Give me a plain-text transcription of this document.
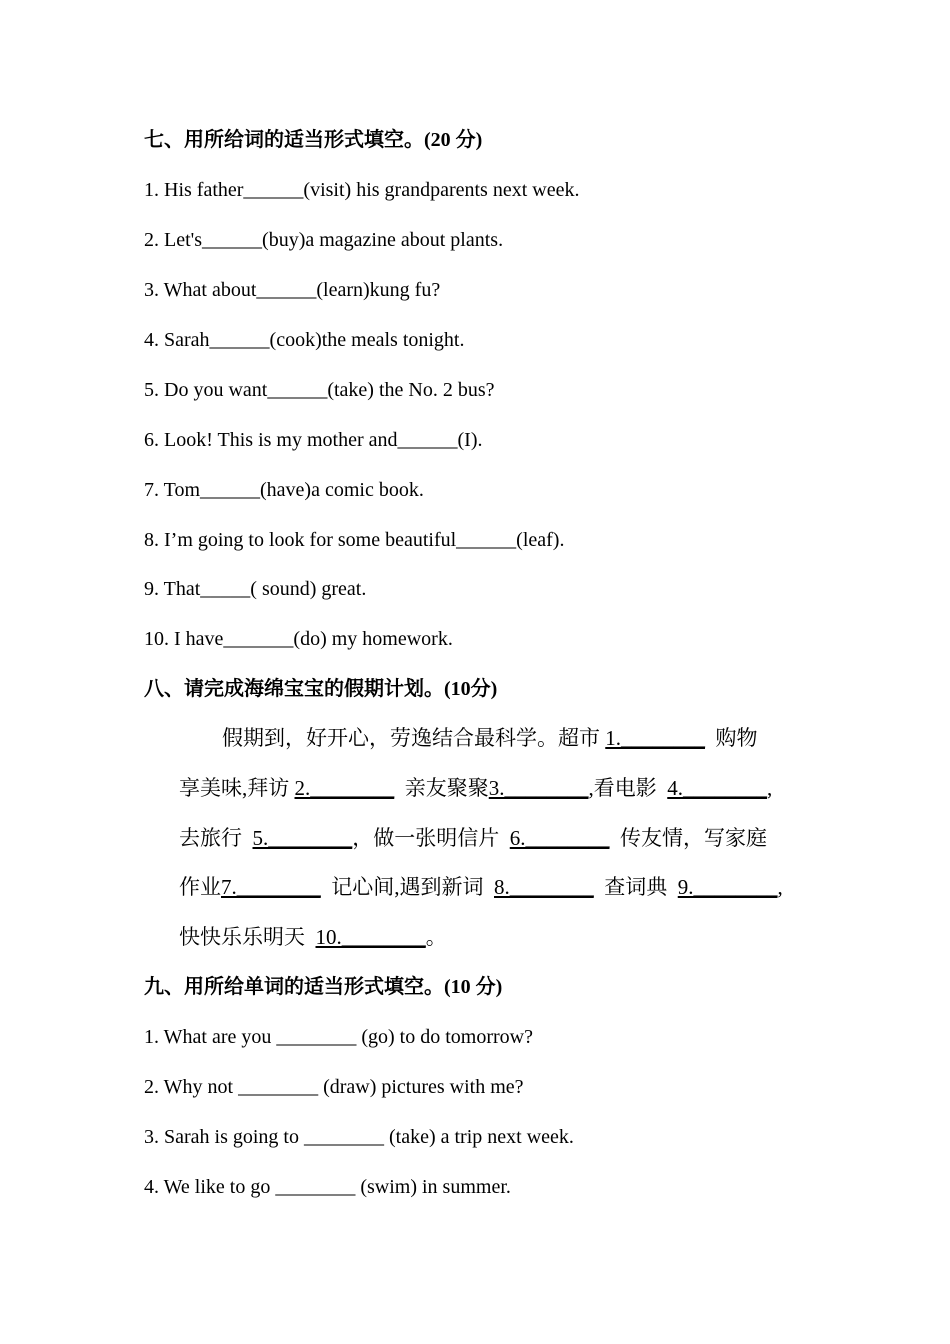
七、用所给词的适当形式填空。(20 分)
1. His father______(visit) his grandparents next week.
2. Let's______(buy)a magazine about plants.
3. What about______(learn)kung fu?
4. Sarah______(cook)the meals tonight.
5. Do you want______(take) the No. 2 bus?
6. Look! This is my mother and______(I).
7. Tom______(have)a comic book.
8. I’m going to look for some beautiful______(leaf).
9. That_____( sound) great.
10. I have_______(do) my homework.
八、请完成海绵宝宝的假期计划。(10分)
假期到，好开心，劳逸结合最科学。超市 1.________  购物
享美味,拜访 2.________  亲友聚聚3.________,看电影  4.________,
去旅行  5.________，做一张明信片  6.________  传友情，写家庭
作业7.________  记心间,遇到新词  8.________  查词典  9.________,
快快乐乐明天  10.________。
九、用所给单词的适当形式填空。(10 分)
1. What are you ________ (go) to do tomorrow?
2. Why not ________ (draw) pictures with me?
3. Sarah is going to ________ (take) a trip next week.
4. We like to go ________ (swim) in summer.
